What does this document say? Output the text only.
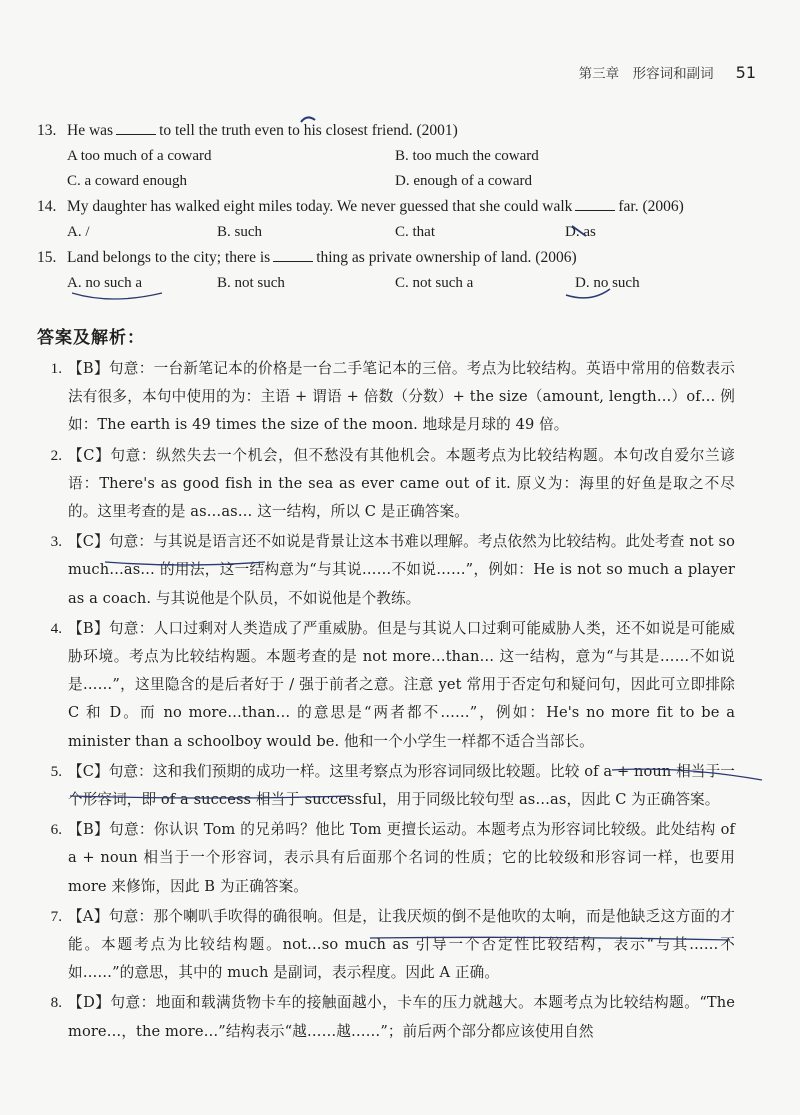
第三章　形容词和副词 51
13. He was	to tell the truth even to his closest friend. (2001)
A too much of a coward	B. too much the coward
C. a coward enough	D. enough of a coward
14. My daughter has walked eight miles today. We never guessed that she could walk	far. (2006)
A. /	B. such	C. that	D. as
15. Land belongs to the city; there is	thing as private ownership of land. (2006)
A. no such a	B. not such	C. not such a	D. no such
答案及解析：
1. 【B】句意：一台新笔记本的价格是一台二手笔记本的三倍。考点为比较结构。英语中常用的倍数表示法有很多，本句中使用的为：主语 + 谓语 + 倍数（分数）+ the size（amount, length…）of… 例如：The earth is 49 times the size of the moon. 地球是月球的 49 倍。
2. 【C】句意：纵然失去一个机会，但不愁没有其他机会。本题考点为比较结构题。本句改自爱尔兰谚语：There's as good fish in the sea as ever came out of it. 原义为：海里的好鱼是取之不尽的。这里考查的是 as…as… 这一结构，所以 C 是正确答案。
3. 【C】句意：与其说是语言还不如说是背景让这本书难以理解。考点依然为比较结构。此处考查 not so much…as… 的用法，这一结构意为“与其说……不如说……”，例如：He is not so much a player as a coach. 与其说他是个队员，不如说他是个教练。
4. 【B】句意：人口过剩对人类造成了严重威胁。但是与其说人口过剩可能威胁人类，还不如说是可能威胁环境。考点为比较结构题。本题考查的是 not more…than… 这一结构，意为“与其是……不如说是……”，这里隐含的是后者好于 / 强于前者之意。注意 yet 常用于否定句和疑问句，因此可立即排除 C 和 D。而 no more…than… 的意思是“两者都不……”，例如：He's no more fit to be a minister than a schoolboy would be. 他和一个小学生一样都不适合当部长。
5. 【C】句意：这和我们预期的成功一样。这里考察点为形容词同级比较题。比较 of a + noun 相当于一个形容词，即 of a success 相当于 successful，用于同级比较句型 as…as，因此 C 为正确答案。
6. 【B】句意：你认识 Tom 的兄弟吗？他比 Tom 更擅长运动。本题考点为形容词比较级。此处结构 of a + noun 相当于一个形容词，表示具有后面那个名词的性质；它的比较级和形容词一样，也要用 more 来修饰，因此 B 为正确答案。
7. 【A】句意：那个喇叭手吹得的确很响。但是，让我厌烦的倒不是他吹的太响，而是他缺乏这方面的才能。本题考点为比较结构题。not…so much as 引导一个否定性比较结构，表示“与其……不如……”的意思，其中的 much 是副词，表示程度。因此 A 正确。
8. 【D】句意：地面和载满货物卡车的接触面越小，卡车的压力就越大。本题考点为比较结构题。“The more…，the more…”结构表示“越……越……”；前后两个部分都应该使用自然
